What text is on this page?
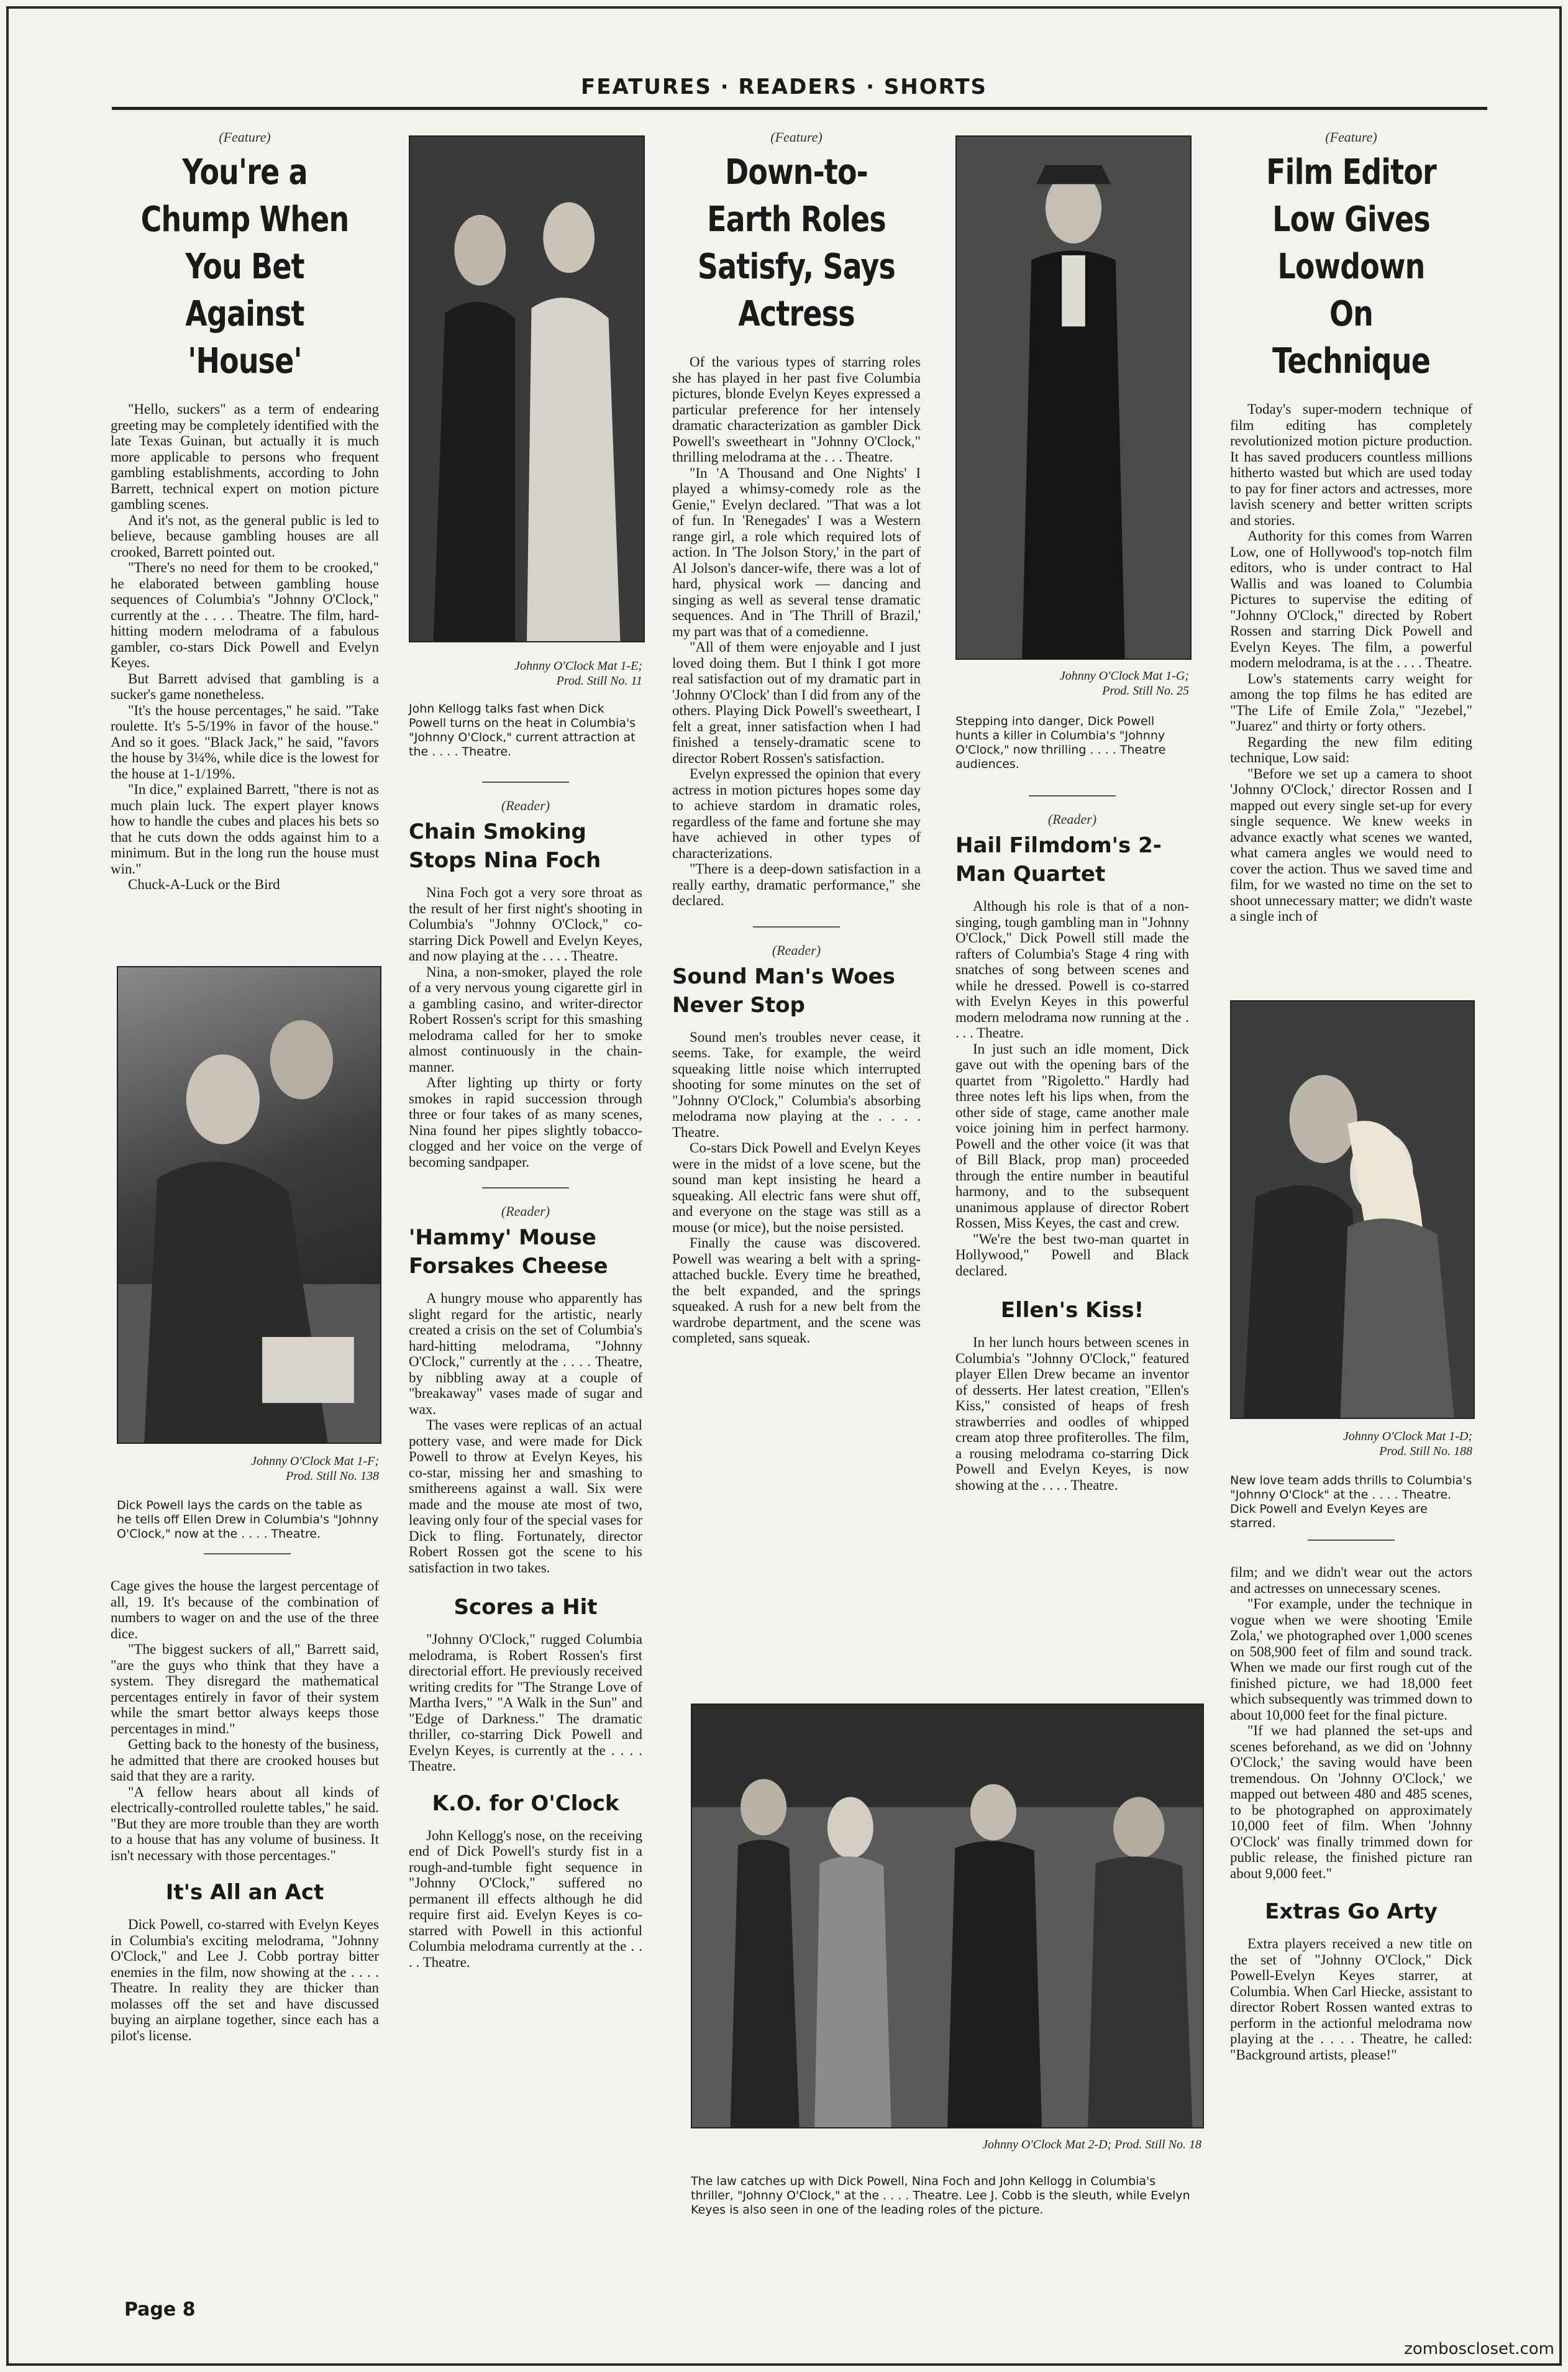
FEATURES · READERS · SHORTS
(Feature)
You're a Chump When You Bet Against 'House'

"Hello, suckers" as a term of endearing greeting may be completely identified with the late Texas Guinan, but actually it is much more applicable to persons who frequent gambling establishments, according to John Barrett, technical expert on motion picture gambling scenes.

And it's not, as the general public is led to believe, because gambling houses are all crooked, Barrett pointed out.

"There's no need for them to be crooked," he elaborated between gambling house sequences of Columbia's "Johnny O'Clock," currently at the . . . . Theatre. The film, hard-hitting modern melodrama of a fabulous gambler, co-stars Dick Powell and Evelyn Keyes.

But Barrett advised that gambling is a sucker's game nonetheless.

"It's the house percentages," he said. "Take roulette. It's 5-5/19% in favor of the house." And so it goes. "Black Jack," he said, "favors the house by 3¼%, while dice is the lowest for the house at 1-1/19%.

"In dice," explained Barrett, "there is not as much plain luck. The expert player knows how to handle the cubes and places his bets so that he cuts down the odds against him to a minimum. But in the long run the house must win."

Chuck-A-Luck or the Bird

Johnny O'Clock Mat 1-F;
Prod. Still No. 138
Dick Powell lays the cards on the table as he tells off Ellen Drew in Columbia's "Johnny O'Clock," now at the . . . . Theatre.

Cage gives the house the largest percentage of all, 19. It's because of the combination of numbers to wager on and the use of the three dice.

"The biggest suckers of all," Barrett said, "are the guys who think that they have a system. They disregard the mathematical percentages entirely in favor of their system while the smart bettor always keeps those percentages in mind."

Getting back to the honesty of the business, he admitted that there are crooked houses but said that they are a rarity.

"A fellow hears about all kinds of electrically-controlled roulette tables," he said. "But they are more trouble than they are worth to a house that has any volume of business. It isn't necessary with those percentages."

It's All an Act

Dick Powell, co-starred with Evelyn Keyes in Columbia's exciting melodrama, "Johnny O'Clock," and Lee J. Cobb portray bitter enemies in the film, now showing at the . . . . Theatre. In reality they are thicker than molasses off the set and have discussed buying an airplane together, since each has a pilot's license.

Johnny O'Clock Mat 1-E;
Prod. Still No. 11
John Kellogg talks fast when Dick Powell turns on the heat in Columbia's "Johnny O'Clock," current attraction at the . . . . Theatre.
(Reader)
Chain Smoking Stops Nina Foch

Nina Foch got a very sore throat as the result of her first night's shooting in Columbia's "Johnny O'Clock," co-starring Dick Powell and Evelyn Keyes, and now playing at the . . . . Theatre.

Nina, a non-smoker, played the role of a very nervous young cigarette girl in a gambling casino, and writer-director Robert Rossen's script for this smashing melodrama called for her to smoke almost continuously in the chain-manner.

After lighting up thirty or forty smokes in rapid succession through three or four takes of as many scenes, Nina found her pipes slightly tobacco-clogged and her voice on the verge of becoming sandpaper.

(Reader)
'Hammy' Mouse Forsakes Cheese

A hungry mouse who apparently has slight regard for the artistic, nearly created a crisis on the set of Columbia's hard-hitting melodrama, "Johnny O'Clock," currently at the . . . . Theatre, by nibbling away at a couple of "breakaway" vases made of sugar and wax.

The vases were replicas of an actual pottery vase, and were made for Dick Powell to throw at Evelyn Keyes, his co-star, missing her and smashing to smithereens against a wall. Six were made and the mouse ate most of two, leaving only four of the special vases for Dick to fling. Fortunately, director Robert Rossen got the scene to his satisfaction in two takes.

Scores a Hit

"Johnny O'Clock," rugged Columbia melodrama, is Robert Rossen's first directorial effort. He previously received writing credits for "The Strange Love of Martha Ivers," "A Walk in the Sun" and "Edge of Darkness." The dramatic thriller, co-starring Dick Powell and Evelyn Keyes, is currently at the . . . . Theatre.

K.O. for O'Clock

John Kellogg's nose, on the receiving end of Dick Powell's sturdy fist in a rough-and-tumble fight sequence in "Johnny O'Clock," suffered no permanent ill effects although he did require first aid. Evelyn Keyes is co-starred with Powell in this actionful Columbia melodrama currently at the . . . . Theatre.

(Feature)
Down-to-Earth Roles Satisfy, Says Actress

Of the various types of starring roles she has played in her past five Columbia pictures, blonde Evelyn Keyes expressed a particular preference for her intensely dramatic characterization as gambler Dick Powell's sweetheart in "Johnny O'Clock," thrilling melodrama at the . . . Theatre.

"In 'A Thousand and One Nights' I played a whimsy-comedy role as the Genie," Evelyn declared. "That was a lot of fun. In 'Renegades' I was a Western range girl, a role which required lots of action. In 'The Jolson Story,' in the part of Al Jolson's dancer-wife, there was a lot of hard, physical work — dancing and singing as well as several tense dramatic sequences. And in 'The Thrill of Brazil,' my part was that of a comedienne.

"All of them were enjoyable and I just loved doing them. But I think I got more real satisfaction out of my dramatic part in 'Johnny O'Clock' than I did from any of the others. Playing Dick Powell's sweetheart, I felt a great, inner satisfaction when I had finished a tensely-dramatic scene to director Robert Rossen's satisfaction.

Evelyn expressed the opinion that every actress in motion pictures hopes some day to achieve stardom in dramatic roles, regardless of the fame and fortune she may have achieved in other types of characterizations.

"There is a deep-down satisfaction in a really earthy, dramatic performance," she declared.

(Reader)
Sound Man's Woes Never Stop

Sound men's troubles never cease, it seems. Take, for example, the weird squeaking little noise which interrupted shooting for some minutes on the set of "Johnny O'Clock," Columbia's absorbing melodrama now playing at the . . . . Theatre.

Co-stars Dick Powell and Evelyn Keyes were in the midst of a love scene, but the sound man kept insisting he heard a squeaking. All electric fans were shut off, and everyone on the stage was still as a mouse (or mice), but the noise persisted.

Finally the cause was discovered. Powell was wearing a belt with a spring-attached buckle. Every time he breathed, the belt expanded, and the springs squeaked. A rush for a new belt from the wardrobe department, and the scene was completed, sans squeak.

Johnny O'Clock Mat 1-G;
Prod. Still No. 25
Stepping into danger, Dick Powell hunts a killer in Columbia's "Johnny O'Clock," now thrilling . . . . Theatre audiences.
(Reader)
Hail Filmdom's 2-Man Quartet

Although his role is that of a non-singing, tough gambling man in "Johnny O'Clock," Dick Powell still made the rafters of Columbia's Stage 4 ring with snatches of song between scenes and while he dressed. Powell is co-starred with Evelyn Keyes in this powerful modern melodrama now running at the . . . . Theatre.

In just such an idle moment, Dick gave out with the opening bars of the quartet from "Rigoletto." Hardly had three notes left his lips when, from the other side of stage, came another male voice joining him in perfect harmony. Powell and the other voice (it was that of Bill Black, prop man) proceeded through the entire number in beautiful harmony, and to the subsequent unanimous applause of director Robert Rossen, Miss Keyes, the cast and crew.

"We're the best two-man quartet in Hollywood," Powell and Black declared.

Ellen's Kiss!

In her lunch hours between scenes in Columbia's "Johnny O'Clock," featured player Ellen Drew became an inventor of desserts. Her latest creation, "Ellen's Kiss," consisted of heaps of fresh strawberries and oodles of whipped cream atop three profiterolles. The film, a rousing melodrama co-starring Dick Powell and Evelyn Keyes, is now showing at the . . . . Theatre.

Johnny O'Clock Mat 2-D; Prod. Still No. 18
The law catches up with Dick Powell, Nina Foch and John Kellogg in Columbia's thriller, "Johnny O'Clock," at the . . . . Theatre. Lee J. Cobb is the sleuth, while Evelyn Keyes is also seen in one of the leading roles of the picture.
(Feature)
Film Editor Low Gives Lowdown On Technique

Today's super-modern technique of film editing has completely revolutionized motion picture production. It has saved producers countless millions hitherto wasted but which are used today to pay for finer actors and actresses, more lavish scenery and better written scripts and stories.

Authority for this comes from Warren Low, one of Hollywood's top-notch film editors, who is under contract to Hal Wallis and was loaned to Columbia Pictures to supervise the editing of "Johnny O'Clock," directed by Robert Rossen and starring Dick Powell and Evelyn Keyes. The film, a powerful modern melodrama, is at the . . . . Theatre.

Low's statements carry weight for among the top films he has edited are "The Life of Emile Zola," "Jezebel," "Juarez" and thirty or forty others.

Regarding the new film editing technique, Low said:

"Before we set up a camera to shoot 'Johnny O'Clock,' director Rossen and I mapped out every single set-up for every single sequence. We knew weeks in advance exactly what scenes we wanted, what camera angles we would need to cover the action. Thus we saved time and film, for we wasted no time on the set to shoot unnecessary matter; we didn't waste a single inch of

Johnny O'Clock Mat 1-D;
Prod. Still No. 188
New love team adds thrills to Columbia's "Johnny O'Clock" at the . . . . Theatre. Dick Powell and Evelyn Keyes are starred.

film; and we didn't wear out the actors and actresses on unnecessary scenes.

"For example, under the technique in vogue when we were shooting 'Emile Zola,' we photographed over 1,000 scenes on 508,900 feet of film and sound track. When we made our first rough cut of the finished picture, we had 18,000 feet which subsequently was trimmed down to about 10,000 feet for the final picture.

"If we had planned the set-ups and scenes beforehand, as we did on 'Johnny O'Clock,' the saving would have been tremendous. On 'Johnny O'Clock,' we mapped out between 480 and 485 scenes, to be photographed on approximately 10,000 feet of film. When 'Johnny O'Clock' was finally trimmed down for public release, the finished picture ran about 9,000 feet."

Extras Go Arty

Extra players received a new title on the set of "Johnny O'Clock," Dick Powell-Evelyn Keyes starrer, at Columbia. When Carl Hiecke, assistant to director Robert Rossen wanted extras to perform in the actionful melodrama now playing at the . . . . Theatre, he called: "Background artists, please!"

Page 8
zomboscloset.com
